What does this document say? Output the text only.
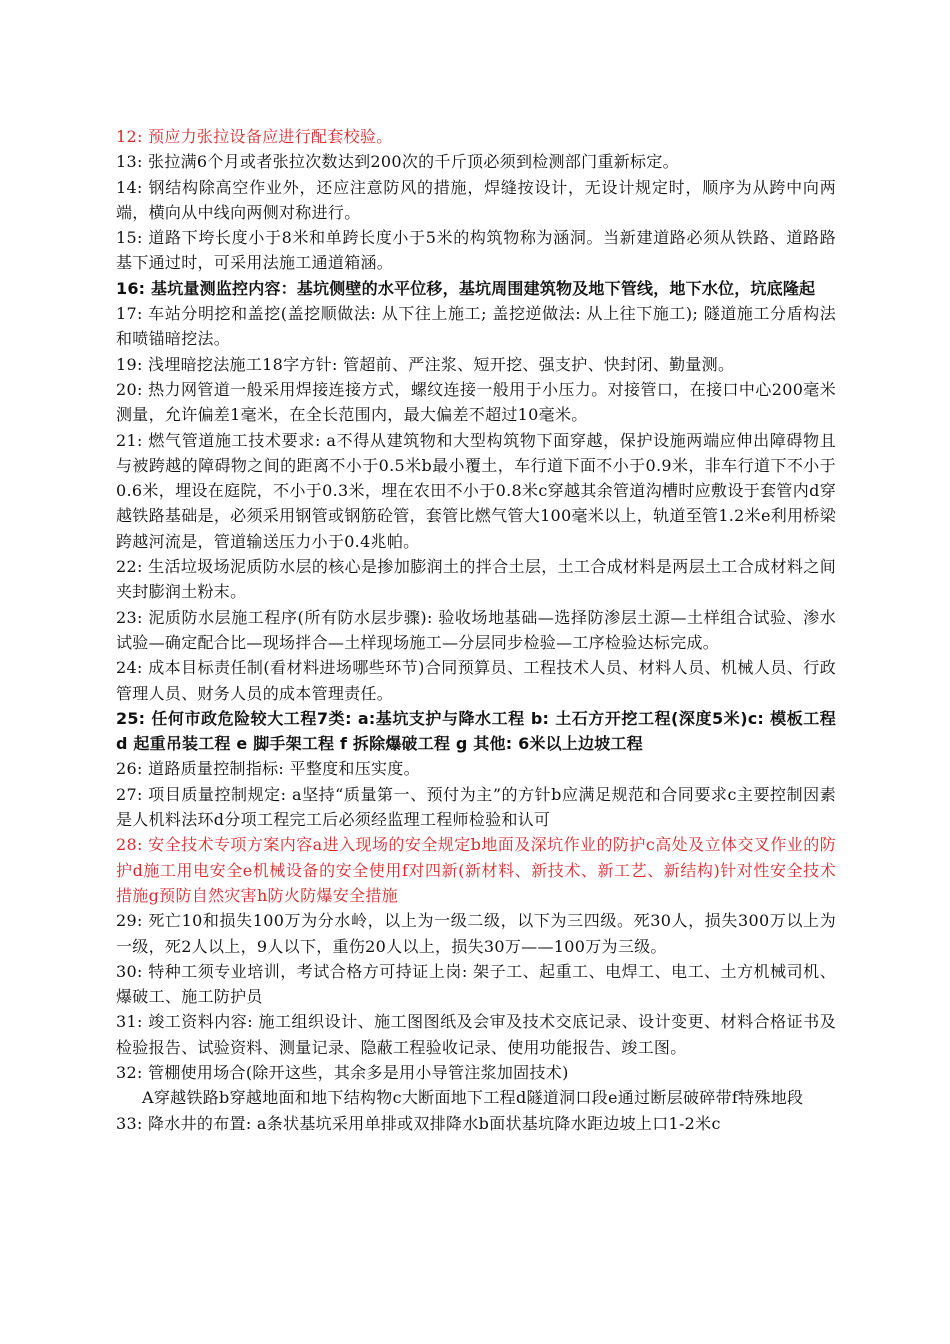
12: 预应力张拉设备应进行配套校验。

13: 张拉满6个月或者张拉次数达到200次的千斤顶必须到检测部门重新标定。

14: 钢结构除高空作业外，还应注意防风的措施，焊缝按设计，无设计规定时，顺序为从跨中向两端，横向从中线向两侧对称进行。

15: 道路下垮长度小于8米和单跨长度小于5米的构筑物称为涵洞。当新建道路必须从铁路、道路路基下通过时，可采用法施工通道箱涵。

16: 基坑量测监控内容：基坑侧壁的水平位移，基坑周围建筑物及地下管线，地下水位，坑底隆起

17: 车站分明挖和盖挖(盖挖顺做法: 从下往上施工; 盖挖逆做法: 从上往下施工); 隧道施工分盾构法和喷锚暗挖法。

19: 浅埋暗挖法施工18字方针: 管超前、严注浆、短开挖、强支护、快封闭、勤量测。

20: 热力网管道一般采用焊接连接方式，螺纹连接一般用于小压力。对接管口，在接口中心200毫米测量，允许偏差1毫米，在全长范围内，最大偏差不超过10毫米。

21: 燃气管道施工技术要求: a不得从建筑物和大型构筑物下面穿越，保护设施两端应伸出障碍物且与被跨越的障碍物之间的距离不小于0.5米b最小覆土，车行道下面不小于0.9米，非车行道下不小于0.6米，埋设在庭院，不小于0.3米，埋在农田不小于0.8米c穿越其余管道沟槽时应敷设于套管内d穿越铁路基础是，必须采用钢管或钢筋砼管，套管比燃气管大100毫米以上，轨道至管1.2米e利用桥梁跨越河流是，管道输送压力小于0.4兆帕。

22: 生活垃圾场泥质防水层的核心是掺加膨润土的拌合土层，土工合成材料是两层土工合成材料之间夹封膨润土粉末。

23: 泥质防水层施工程序(所有防水层步骤): 验收场地基础—选择防渗层土源—土样组合试验、渗水试验—确定配合比—现场拌合—土样现场施工—分层同步检验—工序检验达标完成。

24: 成本目标责任制(看材料进场哪些环节)合同预算员、工程技术人员、材料人员、机械人员、行政管理人员、财务人员的成本管理责任。

25: 任何市政危险较大工程7类: a:基坑支护与降水工程 b: 土石方开挖工程(深度5米)c: 模板工程 d 起重吊装工程 e 脚手架工程 f 拆除爆破工程 g 其他: 6米以上边坡工程

26: 道路质量控制指标: 平整度和压实度。

27: 项目质量控制规定: a坚持“质量第一、预付为主”的方针b应满足规范和合同要求c主要控制因素是人机料法环d分项工程完工后必须经监理工程师检验和认可

28: 安全技术专项方案内容a进入现场的安全规定b地面及深坑作业的防护c高处及立体交叉作业的防护d施工用电安全e机械设备的安全使用f对四新(新材料、新技术、新工艺、新结构)针对性安全技术措施g预防自然灾害h防火防爆安全措施

29: 死亡10和损失100万为分水岭，以上为一级二级，以下为三四级。死30人，损失300万以上为一级，死2人以上，9人以下，重伤20人以上，损失30万——100万为三级。

30: 特种工须专业培训，考试合格方可持证上岗: 架子工、起重工、电焊工、电工、土方机械司机、爆破工、施工防护员

31: 竣工资料内容: 施工组织设计、施工图图纸及会审及技术交底记录、设计变更、材料合格证书及检验报告、试验资料、测量记录、隐蔽工程验收记录、使用功能报告、竣工图。

32: 管棚使用场合(除开这些，其余多是用小导管注浆加固技术)

A穿越铁路b穿越地面和地下结构物c大断面地下工程d隧道洞口段e通过断层破碎带f特殊地段

33: 降水井的布置: a条状基坑采用单排或双排降水b面状基坑降水距边坡上口1-2米c
